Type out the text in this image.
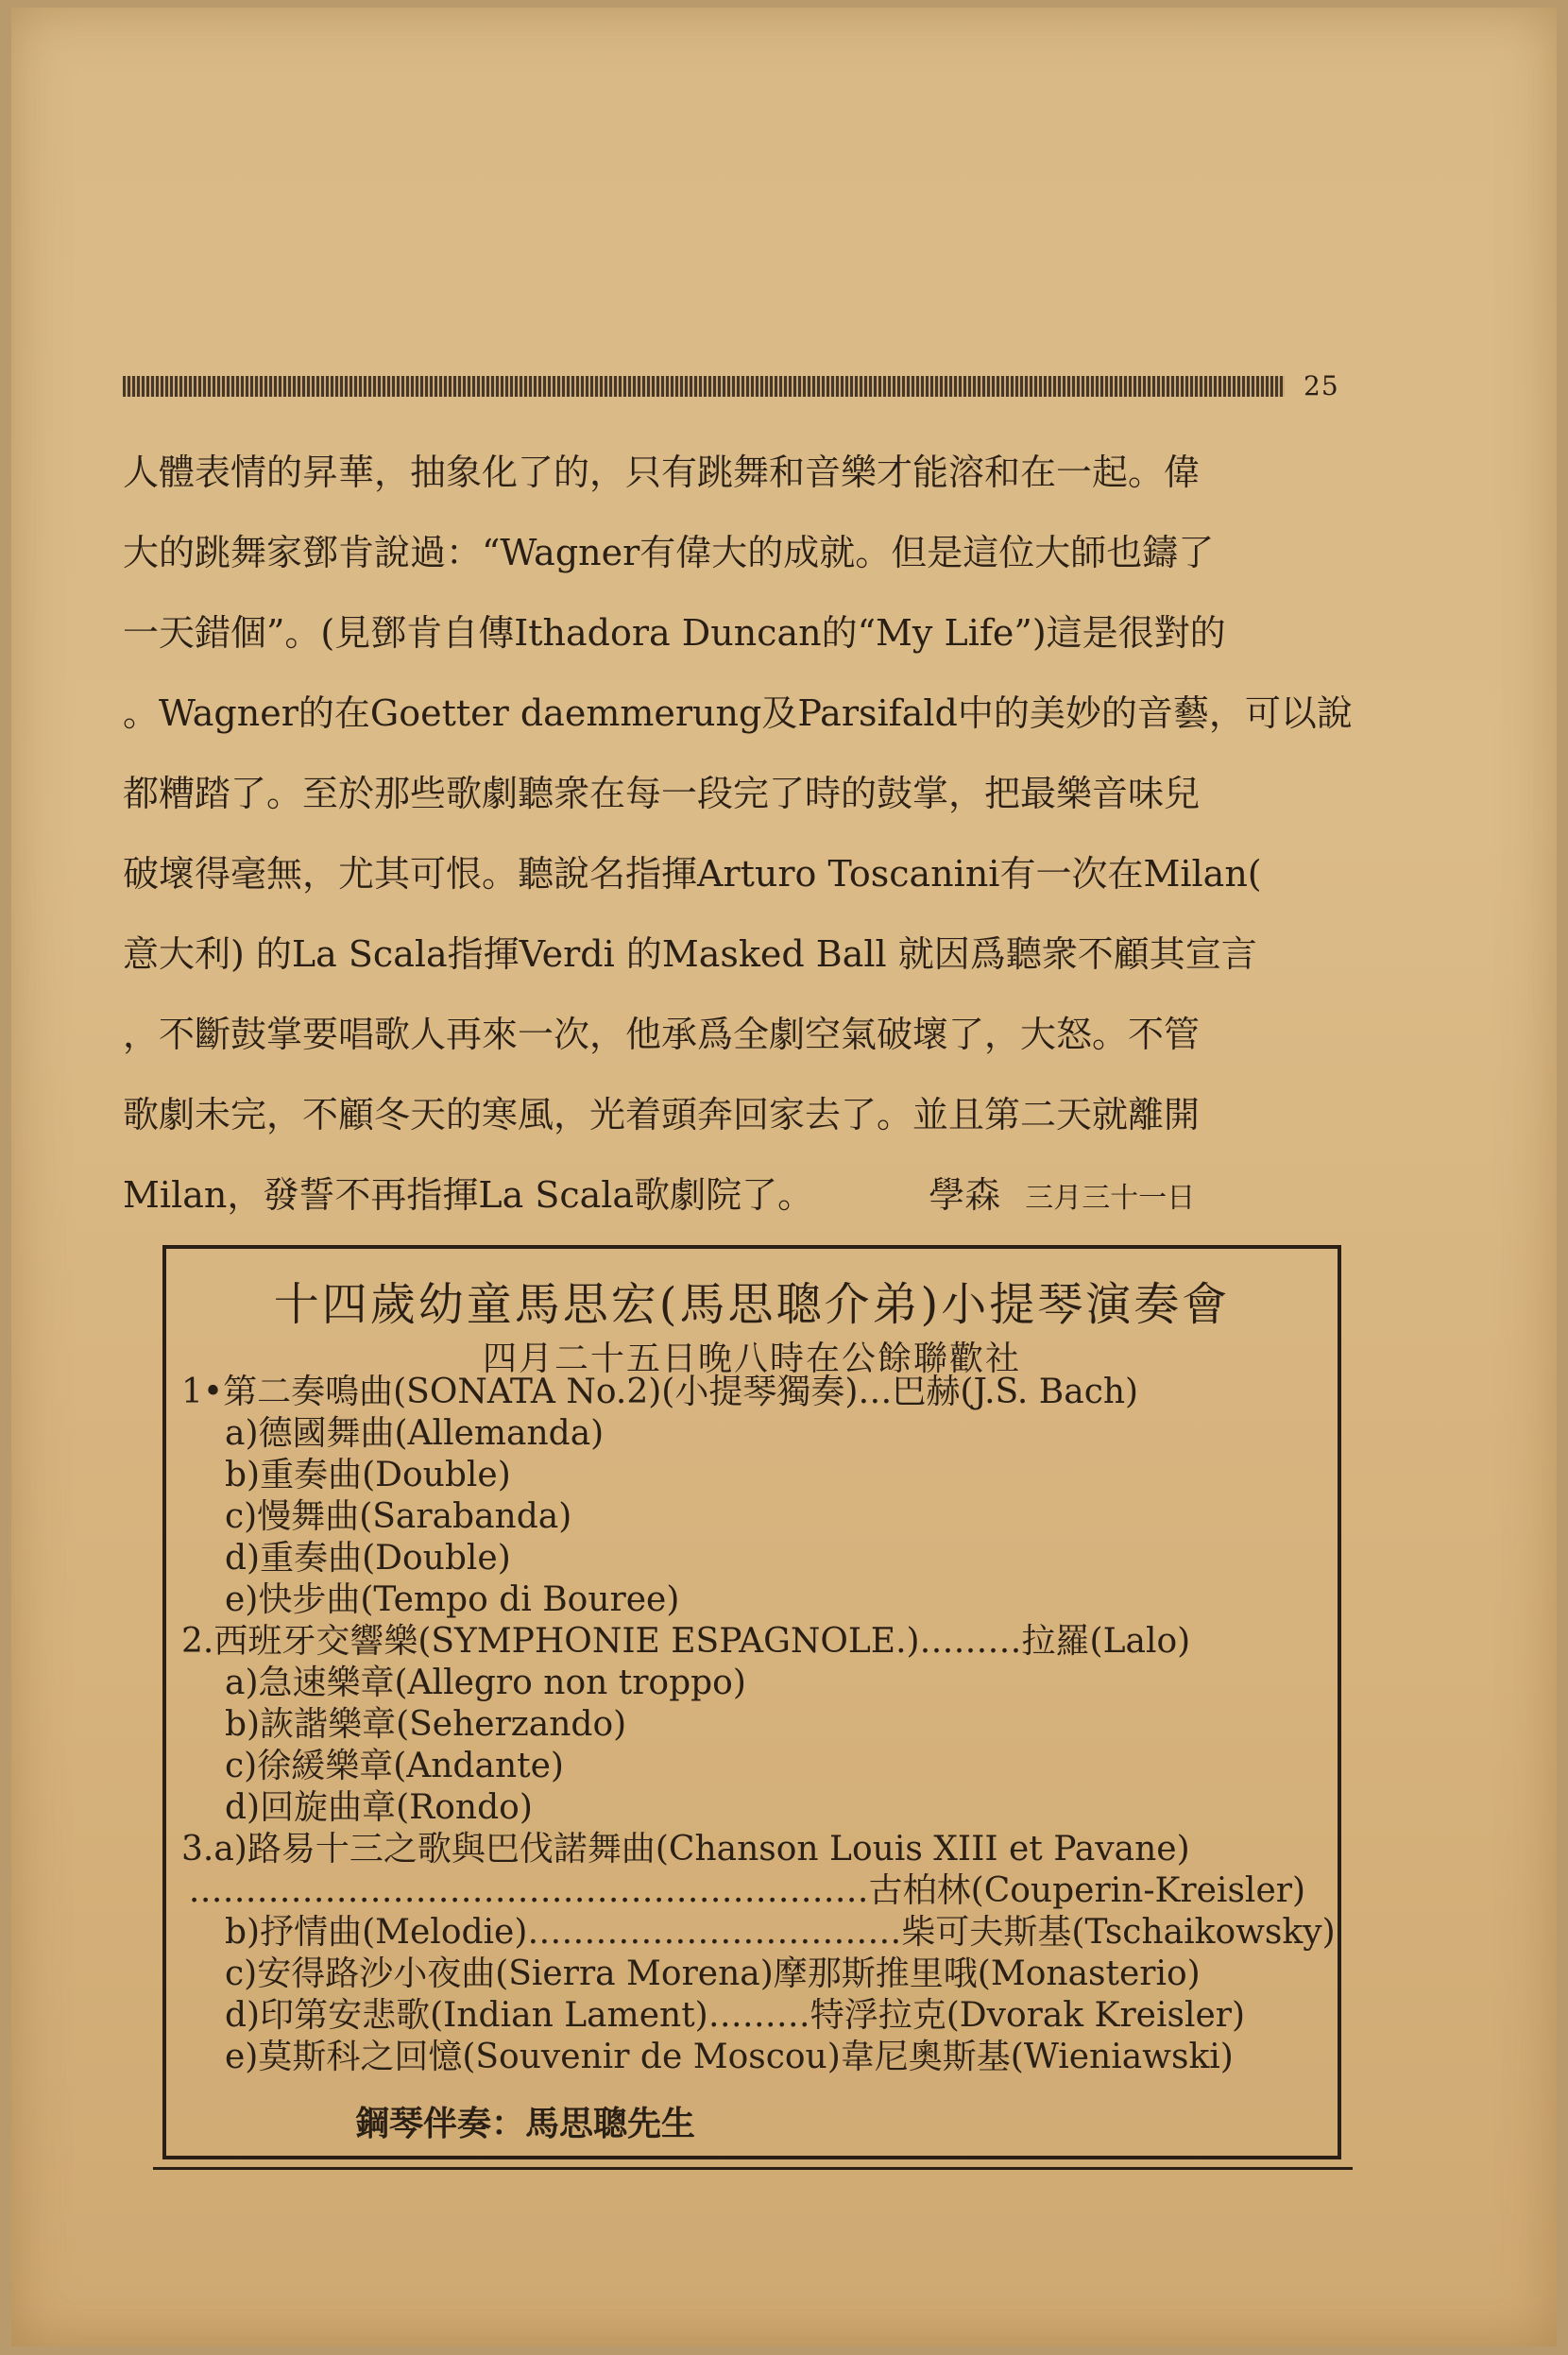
25
人體表情的昇華，抽象化了的，只有跳舞和音樂才能溶和在一起。偉
大的跳舞家鄧肯說過：“Wagner有偉大的成就。但是這位大師也鑄了
一天錯個”。(見鄧肯自傳Ithadora Duncan的“My Life”)這是很對的
。Wagner的在Goetter daemmerung及Parsifald中的美妙的音藝，可以說
都糟踏了。至於那些歌劇聽衆在每一段完了時的鼓掌，把最樂音味兒
破壞得毫無，尤其可恨。聽說名指揮Arturo Toscanini有一次在Milan(
意大利) 的La Scala指揮Verdi 的Masked Ball 就因爲聽衆不顧其宣言
，不斷鼓掌要唱歌人再來一次，他承爲全劇空氣破壞了，大怒。不管
歌劇未完，不顧冬天的寒風，光着頭奔回家去了。並且第二天就離開
Milan，發誓不再指揮La Scala歌劇院了。	學森 三月三十一日
十四歲幼童馬思宏(馬思聰介弟)小提琴演奏會
四月二十五日晚八時在公餘聯歡社
1•第二奏鳴曲(SONATA No.2)(小提琴獨奏)…巴赫(J.S. Bach)
a)德國舞曲(Allemanda)
b)重奏曲(Double)
c)慢舞曲(Sarabanda)
d)重奏曲(Double)
e)快步曲(Tempo di Bouree)
2.西班牙交響樂(SYMPHONIE ESPAGNOLE.)………拉羅(Lalo)
a)急速樂章(Allegro non troppo)
b)詼諧樂章(Seherzando)
c)徐緩樂章(Andante)
d)回旋曲章(Rondo)
3.a)路易十三之歌與巴伐諾舞曲(Chanson Louis XIII et Pavane)
……………………………………………………古柏林(Couperin-Kreisler)
b)抒情曲(Melodie)……………………………柴可夫斯基(Tschaikowsky)
c)安得路沙小夜曲(Sierra Morena)摩那斯推里哦(Monasterio)
d)印第安悲歌(Indian Lament)………特浮拉克(Dvorak Kreisler)
e)莫斯科之回憶(Souvenir de Moscou)韋尼奧斯基(Wieniawski)
鋼琴伴奏：馬思聰先生
